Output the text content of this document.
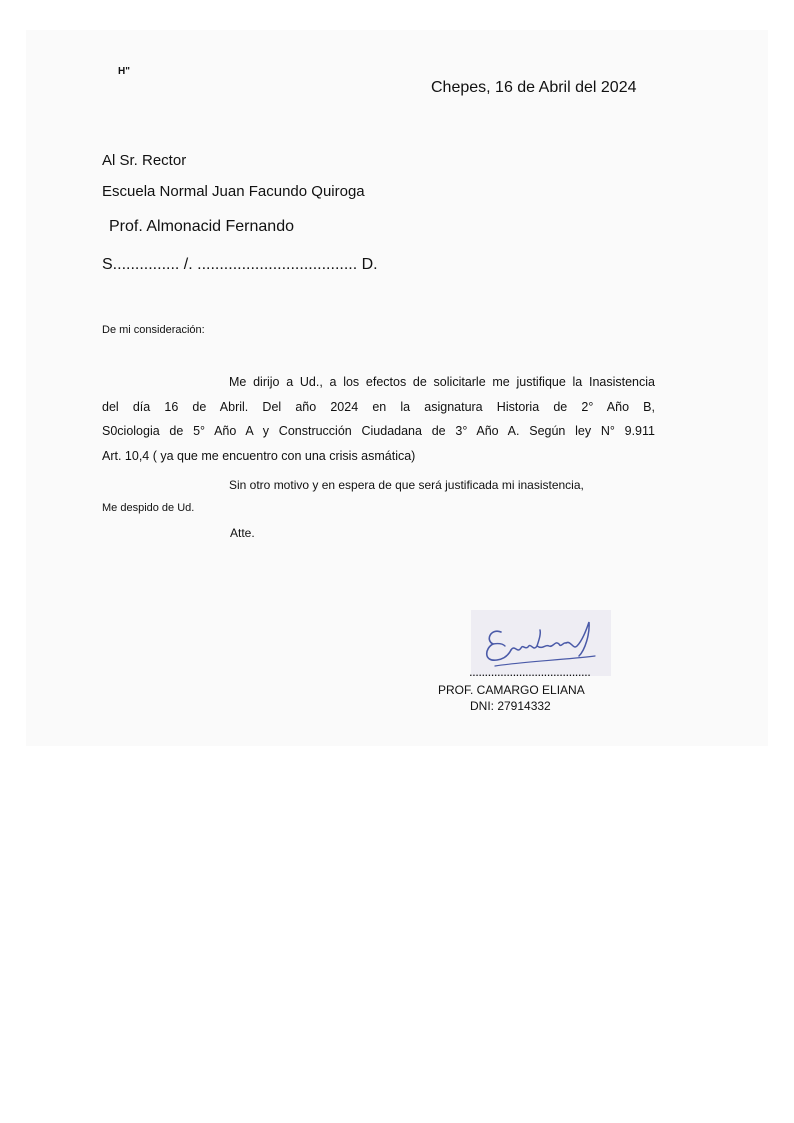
H"
Chepes, 16 de Abril del 2024
Al Sr. Rector
Escuela Normal Juan Facundo Quiroga
Prof. Almonacid Fernando
S............... /. .................................... D.
De mi consideración:
Me dirijo a Ud., a los efectos de solicitarle me justifique la Inasistencia
del día 16 de Abril. Del año 2024 en la asignatura Historia de 2° Año B,
S0ciologia de 5° Año A y Construcción Ciudadana de 3° Año A. Según ley N° 9.911
Art. 10,4 ( ya que me encuentro con una crisis asmática)
Sin otro motivo y en espera de que será justificada mi inasistencia,
Me despido de Ud.
Atte.
.......................................
PROF. CAMARGO ELIANA
DNI: 27914332
